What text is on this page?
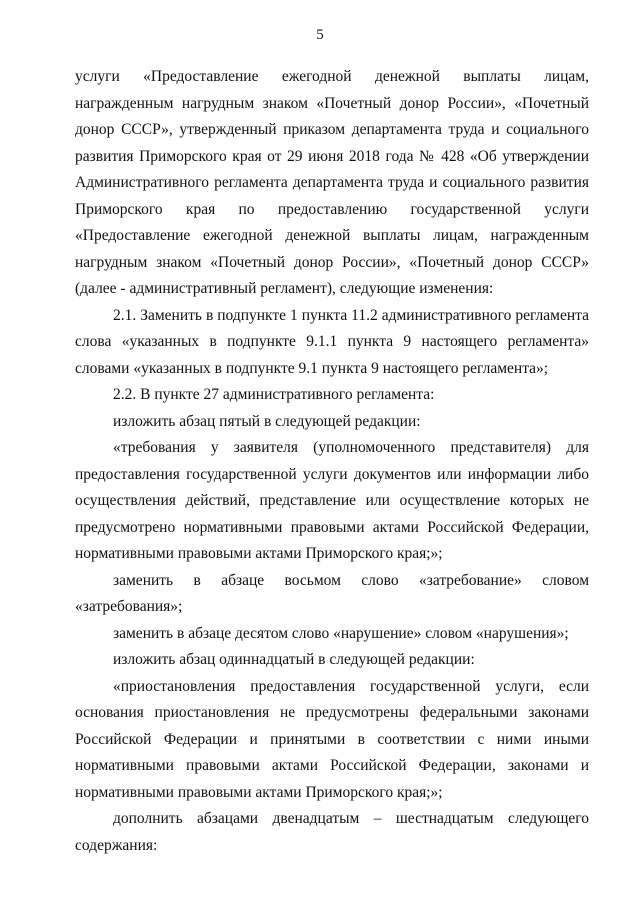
5

услуги «Предоставление ежегодной денежной выплаты лицам, награжденным нагрудным знаком «Почетный донор России», «Почетный донор СССР», утвержденный приказом департамента труда и социального развития Приморского края от 29 июня 2018 года № 428 «Об утверждении Административного регламента департамента труда и социального развития Приморского края по предоставлению государственной услуги «Предоставление ежегодной денежной выплаты лицам, награжденным нагрудным знаком «Почетный донор России», «Почетный донор СССР» (далее - административный регламент), следующие изменения:

2.1. Заменить в подпункте 1 пункта 11.2 административного регламента слова «указанных в подпункте 9.1.1 пункта 9 настоящего регламента» словами «указанных в подпункте 9.1 пункта 9 настоящего регламента»;

2.2. В пункте 27 административного регламента:

изложить абзац пятый в следующей редакции:

«требования у заявителя (уполномоченного представителя) для предоставления государственной услуги документов или информации либо осуществления действий, представление или осуществление которых не предусмотрено нормативными правовыми актами Российской Федерации, нормативными правовыми актами Приморского края;»;

заменить в абзаце восьмом слово «затребование» словом «затребования»;

заменить в абзаце десятом слово «нарушение» словом «нарушения»;

изложить абзац одиннадцатый в следующей редакции:

«приостановления предоставления государственной услуги, если основания приостановления не предусмотрены федеральными законами Российской Федерации и принятыми в соответствии с ними иными нормативными правовыми актами Российской Федерации, законами и нормативными правовыми актами Приморского края;»;

дополнить абзацами двенадцатым – шестнадцатым следующего содержания:
